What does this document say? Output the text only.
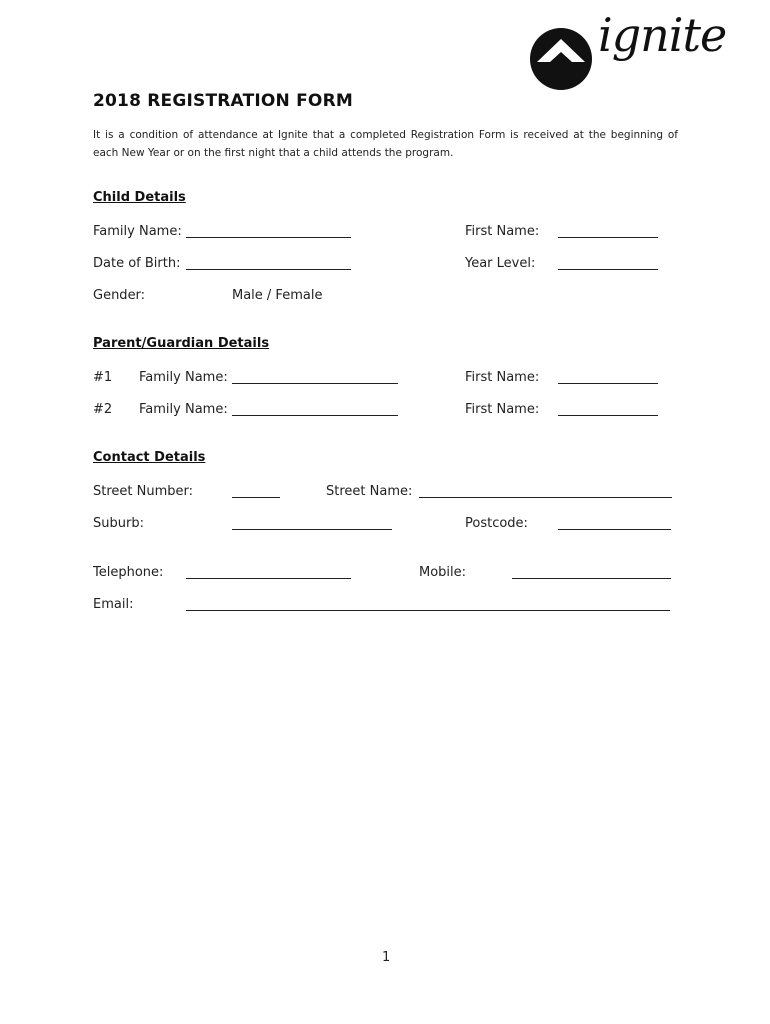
ignite
2018 REGISTRATION FORM
It is a condition of attendance at Ignite that a completed Registration Form is received at the beginning of each New Year or on the first night that a child attends the program.
Child Details
Family Name:	First Name:
Date of Birth:	Year Level:
Gender:	Male / Female
Parent/Guardian Details
#1 Family Name:	First Name:
#2 Family Name:	First Name:
Contact Details
Street Number:	Street Name:
Suburb:	Postcode:
Telephone:	Mobile:
Email:
1
